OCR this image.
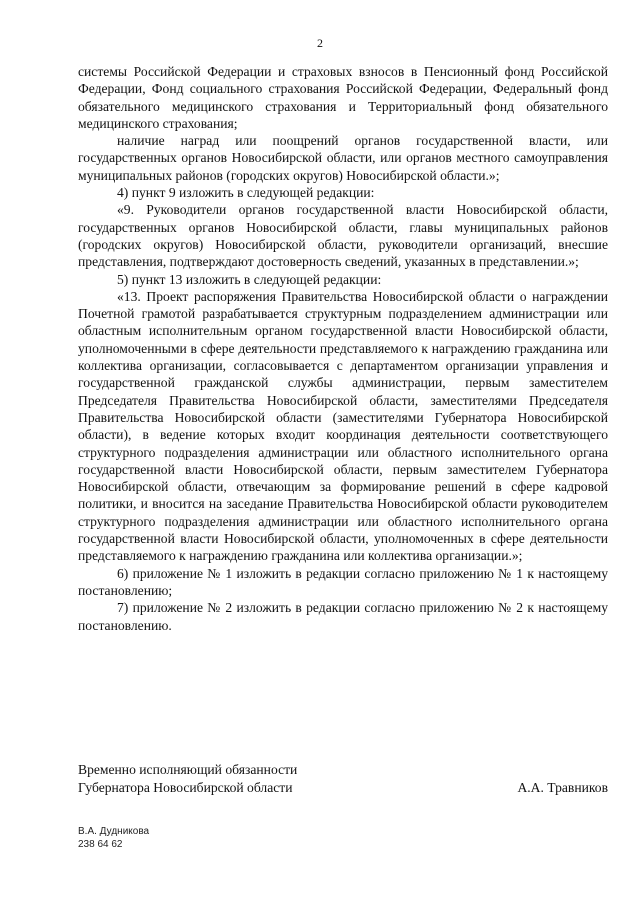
2

системы Российской Федерации и страховых взносов в Пенсионный фонд Российской Федерации, Фонд социального страхования Российской Федерации, Федеральный фонд обязательного медицинского страхования и Территориальный фонд обязательного медицинского страхования;

наличие наград или поощрений органов государственной власти, или государственных органов Новосибирской области, или органов местного самоуправления муниципальных районов (городских округов) Новосибирской области.»;

4) пункт 9 изложить в следующей редакции:

«9. Руководители органов государственной власти Новосибирской области, государственных органов Новосибирской области, главы муниципальных районов (городских округов) Новосибирской области, руководители организаций, внесшие представления, подтверждают достоверность сведений, указанных в представлении.»;

5) пункт 13 изложить в следующей редакции:

«13. Проект распоряжения Правительства Новосибирской области о награждении Почетной грамотой разрабатывается структурным подразделением администрации или областным исполнительным органом государственной власти Новосибирской области, уполномоченными в сфере деятельности представляемого к награждению гражданина или коллектива организации, согласовывается с департаментом организации управления и государственной гражданской службы администрации, первым заместителем Председателя Правительства Новосибирской области, заместителями Председателя Правительства Новосибирской области (заместителями Губернатора Новосибирской области), в ведение которых входит координация деятельности соответствующего структурного подразделения администрации или областного исполнительного органа государственной власти Новосибирской области, первым заместителем Губернатора Новосибирской области, отвечающим за формирование решений в сфере кадровой политики, и вносится на заседание Правительства Новосибирской области руководителем структурного подразделения администрации или областного исполнительного органа государственной власти Новосибирской области, уполномоченных в сфере деятельности представляемого к награждению гражданина или коллектива организации.»;

6) приложение № 1 изложить в редакции согласно приложению № 1 к настоящему постановлению;

7) приложение № 2 изложить в редакции согласно приложению № 2 к настоящему постановлению.

Временно исполняющий обязанности
Губернатора Новосибирской области	А.А. Травников
В.А. Дудникова
238 64 62
